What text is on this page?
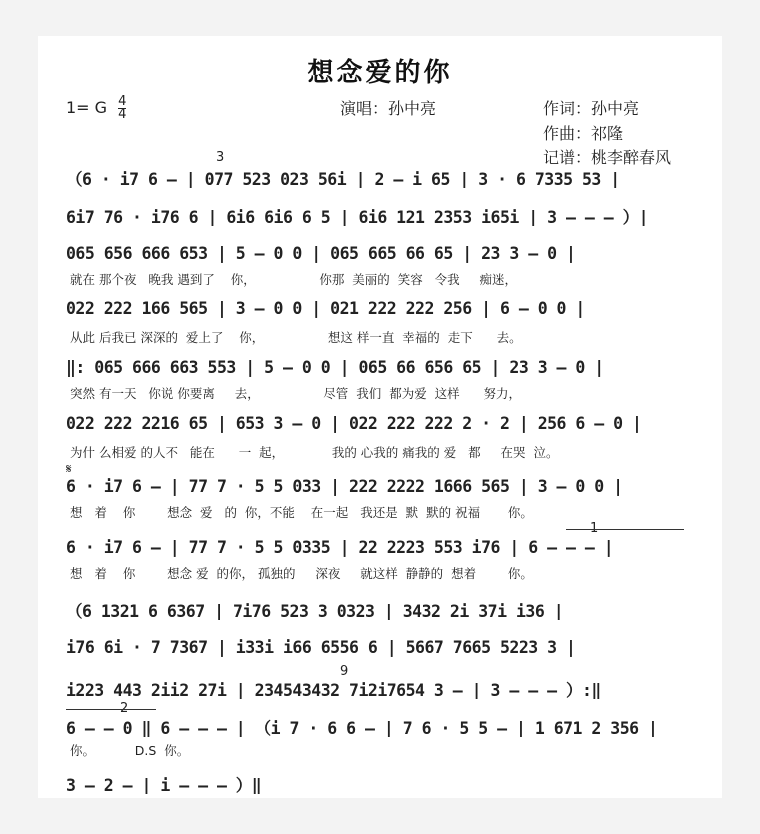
想念爱的你
1= G $\frac{4}{4}$	演唱：孙中亮	作词：孙中亮
作曲：祁隆
记谱：桃李醉春风
3
（6 · i7 6 – | 077 523 023 56i | 2 – i 65 | 3 · 6 7335 53 |
6i7 76 · i76 6 | 6i6 6i6 6 5 | 6i6 121 2353 i65i | 3 – – – ）|
065 656 666 653 | 5 – 0 0 | 065 665 66 65 | 23 3 – 0 |
就在 那个夜   晚我 遇到了    你，                你那  美丽的  笑容   令我     痴迷，
022 222 166 565 | 3 – 0 0 | 021 222 222 256 | 6 – 0 0 |
从此 后我已 深深的  爱上了    你，                想这 样一直  幸福的  走下      去。
‖: 065 666 663 553 | 5 – 0 0 | 065 66 656 65 | 23 3 – 0 |
突然 有一天   你说 你要离     去，                尽管  我们  都为爱  这样      努力，
022 222 2216 65 | 653 3 – 0 | 022 222 222 2 · 2 | 256 6 – 0 |
为什 么相爱 的人不   能在      一  起，            我的 心我的 痛我的 爱   都     在哭  泣。
𝄋
6 · i7 6 – | 77 7 · 5 5 033 | 222 2222 1666 565 | 3 – 0 0 |
想   着    你        想念  爱   的  你，不能    在一起   我还是  默  默的 祝福       你。
1
6 · i7 6 – | 77 7 · 5 5 0335 | 22 2223 553 i76 | 6 – – – |
想   着    你        想念 爱  的你， 孤独的     深夜     就这样  静静的  想着        你。
（6 1321 6 6367 | 7i76 523 3 0323 | 3432 2i 37i i36 |
i76 6i · 7 7367 | i33i i66 6556 6 | 5667 7665 5223 3 |
9
i223 443 2ii2 27i | 234543432 7i2i7654 3 – | 3 – – – ）:‖
2
6 – – 0 ‖ 6 – – – | （i 7 · 6 6 – | 7 6 · 5 5 – | 1 671 2 356 |
你。          D.S  你。
3 – 2 – | i – – – ）‖
